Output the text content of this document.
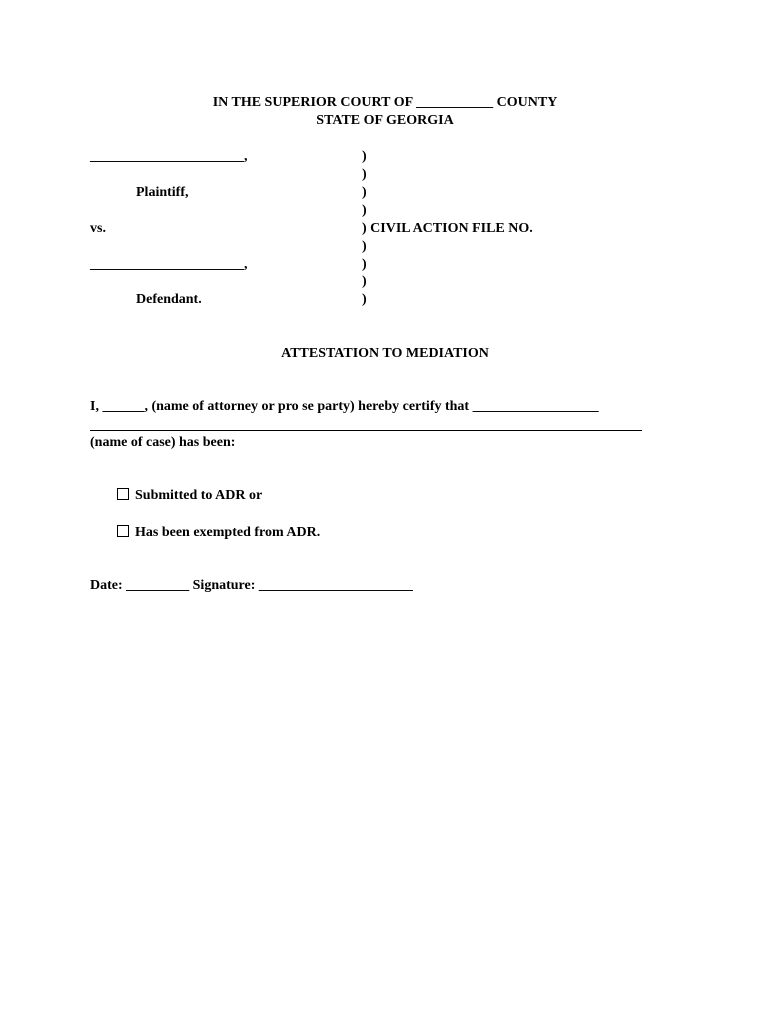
IN THE SUPERIOR COURT OF ___________ COUNTY
STATE OF GEORGIA
______________________,
Plaintiff,
vs.
______________________,
Defendant.
)
)
)
)
) CIVIL ACTION FILE NO.
)
)
)
)
ATTESTATION TO MEDIATION
I, ______, (name of attorney or pro se party) hereby certify that __________________
(name of case) has been:

Submitted to ADR or

Has been exempted from ADR.

Date: _________ Signature: ______________________
